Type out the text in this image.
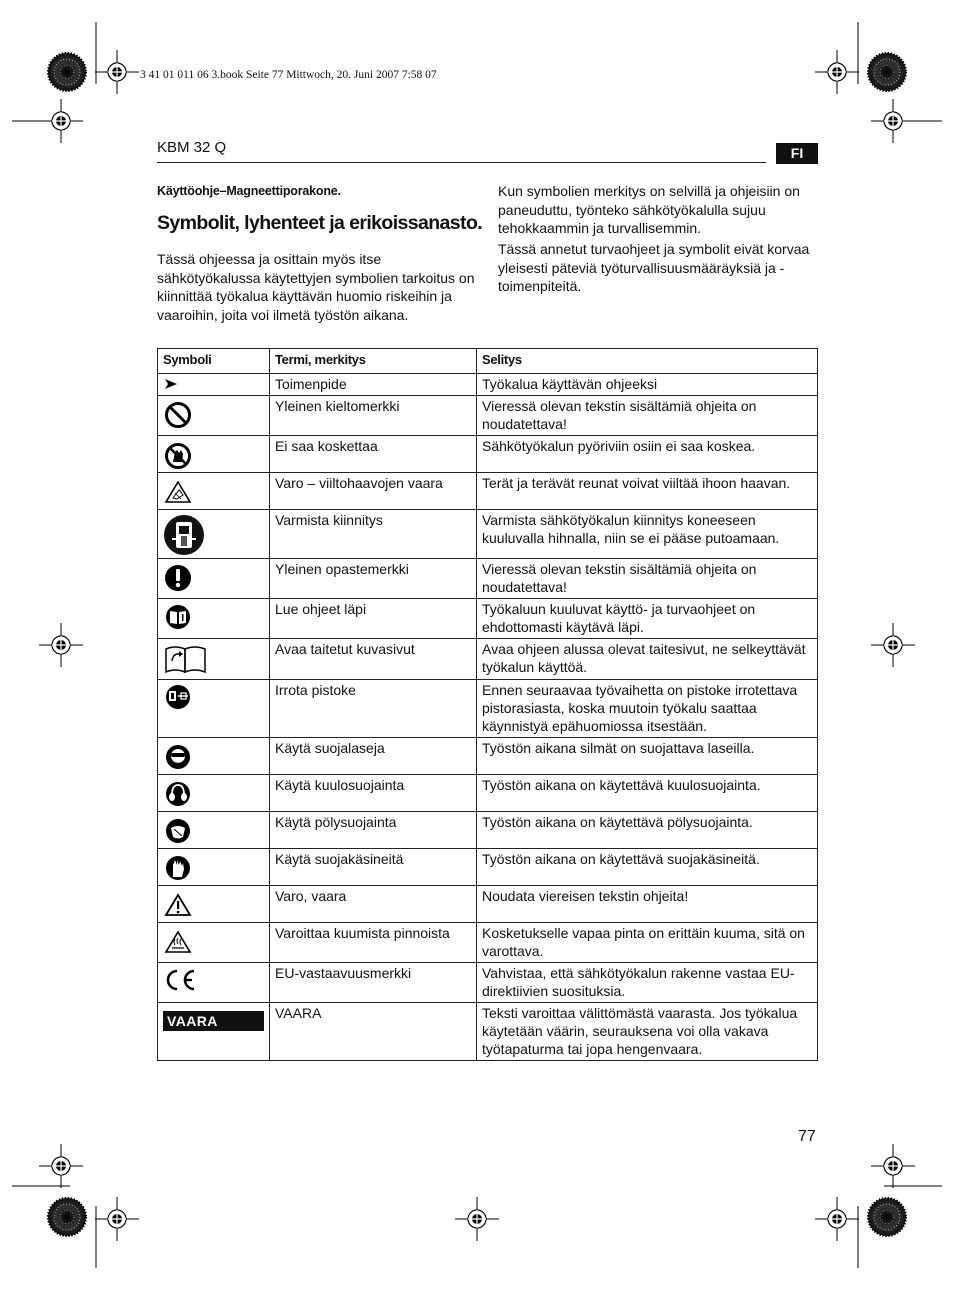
3 41 01 011 06 3.book Seite 77 Mittwoch, 20. Juni 2007 7:58 07
KBM 32 Q	FI
Käyttöohje–Magneettiporakone.
Symbolit, lyhenteet ja erikoissanasto.
Tässä ohjeessa ja osittain myös itse sähkötyökalussa käytettyjen symbolien tarkoitus on kiinnittää työkalua käyttävän huomio riskeihin ja vaaroihin, joita voi ilmetä työstön aikana.
Kun symbolien merkitys on selvillä ja ohjeisiin on paneuduttu, työnteko sähkötyökalulla sujuu tehokkaammin ja turvallisemmin.
Tässä annetut turvaohjeet ja symbolit eivät korvaa yleisesti päteviä työturvallisuusmääräyksiä ja -toimenpiteitä.
Symboli	Termi, merkitys	Selitys

	Toimenpide	Työkalua käyttävän ohjeeksi

	Yleinen kieltomerkki	Vieressä olevan tekstin sisältämiä ohjeita on noudatettava!

	Ei saa koskettaa	Sähkötyökalun pyöriviin osiin ei saa koskea.

	Varo – viiltohaavojen vaara	Terät ja terävät reunat voivat viiltää ihoon haavan.

	Varmista kiinnitys	Varmista sähkötyökalun kiinnitys koneeseen kuuluvalla hihnalla, niin se ei pääse putoamaan.

	Yleinen opastemerkki	Vieressä olevan tekstin sisältämiä ohjeita on noudatettava!

	Lue ohjeet läpi	Työkaluun kuuluvat käyttö- ja turvaohjeet on ehdottomasti käytävä läpi.

	Avaa taitetut kuvasivut	Avaa ohjeen alussa olevat taitesivut, ne selkeyttävät työkalun käyttöä.

	Irrota pistoke	Ennen seuraavaa työvaihetta on pistoke irrotettava pistorasiasta, koska muutoin työkalu saattaa käynnistyä epähuomiossa itsestään.

	Käytä suojalaseja	Työstön aikana silmät on suojattava laseilla.

	Käytä kuulosuojainta	Työstön aikana on käytettävä kuulosuojainta.

	Käytä pölysuojainta	Työstön aikana on käytettävä pölysuojainta.

	Käytä suojakäsineitä	Työstön aikana on käytettävä suojakäsineitä.

	Varo, vaara	Noudata viereisen tekstin ohjeita!

	Varoittaa kuumista pinnoista	Kosketukselle vapaa pinta on erittäin kuuma, sitä on varottava.

	EU-vastaavuusmerkki	Vahvistaa, että sähkötyökalun rakenne vastaa EU-direktiivien suosituksia.

VAARA	VAARA	Teksti varoittaa välittömästä vaarasta. Jos työkalua käytetään väärin, seurauksena voi olla vakava työtapaturma tai jopa hengenvaara.
77
